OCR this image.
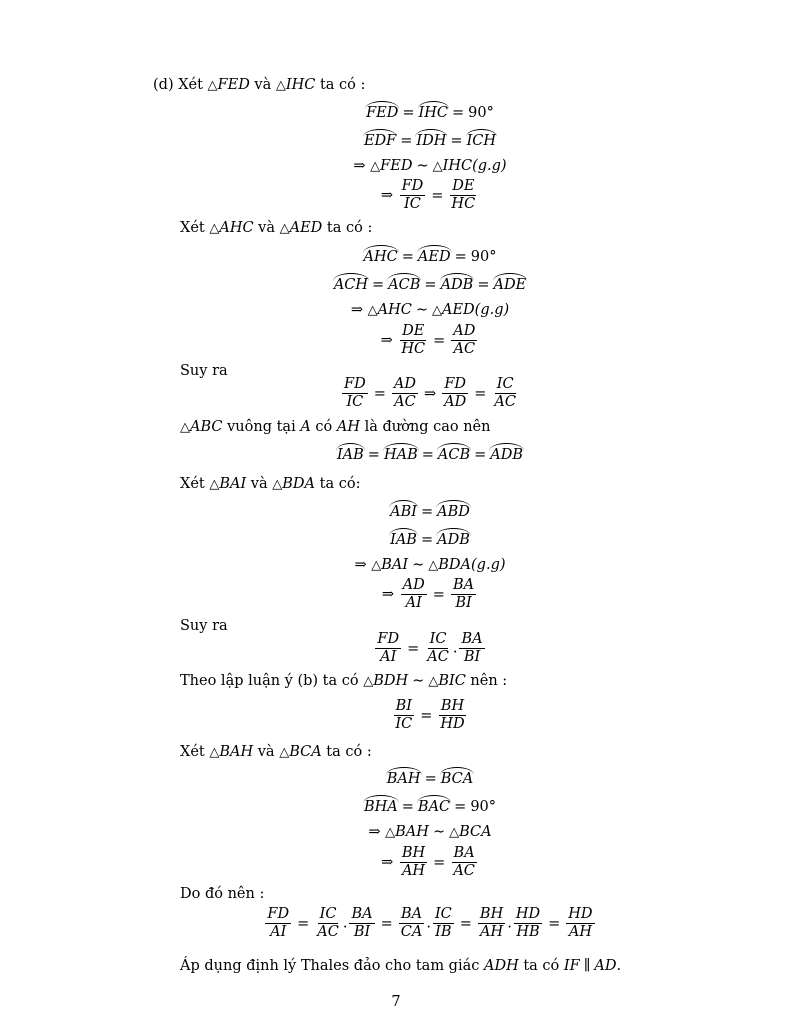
(d) Xét △FED và △IHC ta có :
FED = IHC = 90°
EDF = IDH = ICH
⇒ △FED ∼ △IHC(g.g)
⇒ $\frac{FD}{IC} = \frac{DE}{HC}$
Xét △AHC và △AED ta có :
AHC = AED = 90°
ACH = ACB = ADB = ADE
⇒ △AHC ∼ △AED(g.g)
⇒ $\frac{DE}{HC} = \frac{AD}{AC}$
Suy ra
$\frac{FD}{IC} = \frac{AD}{AC}$ ⇒ $\frac{FD}{AD} = \frac{IC}{AC}$
△ABC vuông tại A có AH là đường cao nên
IAB = HAB = ACB = ADB
Xét △BAI và △BDA ta có:
ABI = ABD
IAB = ADB
⇒ △BAI ∼ △BDA(g.g)
⇒ $\frac{AD}{AI} = \frac{BA}{BI}$
Suy ra
$\frac{FD}{AI} = \frac{IC}{AC}$ . $\frac{BA}{BI}$
Theo lập luận ý (b) ta có △BDH ∼ △BIC nên :
$\frac{BI}{IC} = \frac{BH}{HD}$
Xét △BAH và △BCA ta có :
BAH = BCA
BHA = BAC = 90°
⇒ △BAH ∼ △BCA
⇒ $\frac{BH}{AH} = \frac{BA}{AC}$
Do đó nên :
$\frac{FD}{AI} = \frac{IC}{AC}$ . $\frac{BA}{BI} = \frac{BA}{CA}$ . $\frac{IC}{IB} = \frac{BH}{AH}$ . $\frac{HD}{HB} = \frac{HD}{AH}$
Áp dụng định lý Thales đảo cho tam giác ADH ta có IF ∥ AD.
7
